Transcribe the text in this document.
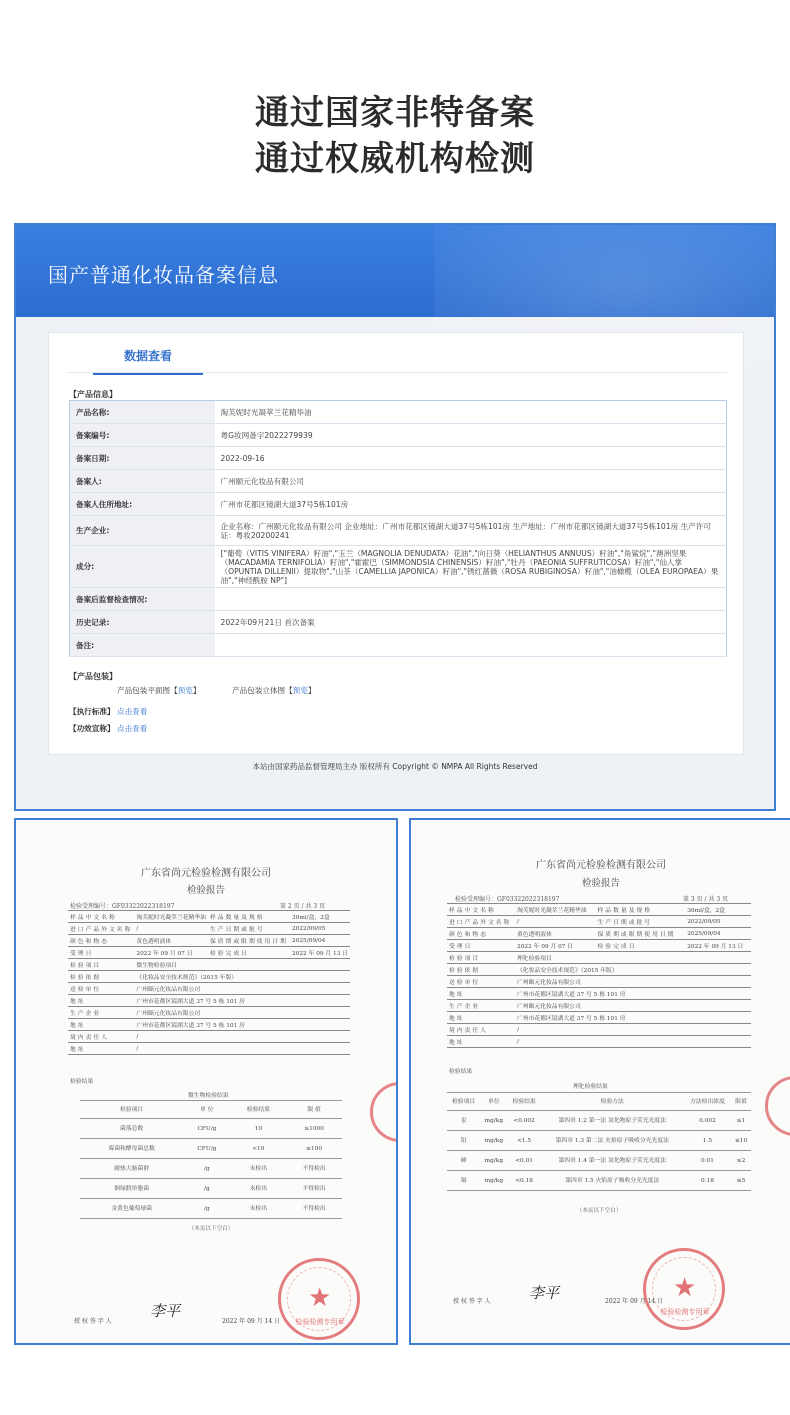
通过国家非特备案
通过权威机构检测
国产普通化妆品备案信息
数据查看
【产品信息】
产品名称:	淘芙妮时光凝萃兰花精华油
备案编号:	粤G妆网备字2022279939
备案日期:	2022-09-16
备案人:	广州颐元化妆品有限公司
备案人住所地址:	广州市花都区镜湖大道37号5栋101房
生产企业:	企业名称：广州颐元化妆品有限公司 企业地址：广州市花都区镜湖大道37号5栋101房 生产地址：广州市花都区镜湖大道37号5栋101房 生产许可证：粤妆20200241
成分:	["葡萄（VITIS VINIFERA）籽油","玉兰（MAGNOLIA DENUDATA）花油","向日葵（HELIANTHUS ANNUUS）籽油","角鲨烷","澳洲坚果（MACADAMIA TERNIFOLIA）籽油","霍霍巴（SIMMONDSIA CHINENSIS）籽油","牡丹（PAEONIA SUFFRUTICOSA）籽油","仙人掌（OPUNTIA DILLENII）提取物","山茶（CAMELLIA JAPONICA）籽油","锈红蔷薇（ROSA RUBIGINOSA）籽油","油橄榄（OLEA EUROPAEA）果油","神经酰胺 NP"]
备案后监督检查情况:	
历史记录:	2022年09月21日 首次备案
备注:	
【产品包装】
产品包装平面图【预览】	产品包装立体图【预览】
【执行标准】 点击查看
【功效宣称】 点击查看
本站由国家药品监督管理局主办 版权所有 Copyright © NMPA All Rights Reserved
广东省尚元检验检测有限公司
检验报告
检验受理编号：GF03322022318197	第 2 页 / 共 3 页
样品中文名称	淘芙妮时光凝萃兰花精华油	样品数量及规格	30ml/盒，2盒
进口产品外文名称	/	生产日期或批号	2022/09/05
颜色和物态	黄色透明液体	保质期或限期使用日期	2025/09/04
受理日	2022 年 09 月 07 日	检验完成日	2022 年 09 月 13 日
检验项目	微生物检验项目		
检验依据	《化妆品安全技术规范》（2015 年版）		
送检单位	广州颐元化妆品有限公司		
地址	广州市花都区镜湖大道 37 号 5 栋 101 房		
生产企业	广州颐元化妆品有限公司		
地址	广州市花都区镜湖大道 37 号 5 栋 101 房		
境内责任人	/		
地址	/		
检验结果
微生物检验结果
检验项目	单 位	检验结果	限 值
菌落总数	CFU/g	10	≤1000
霉菌和酵母菌总数	CFU/g	<10	≤100
耐热大肠菌群	/g	未检出	不得检出
铜绿假单胞菌	/g	未检出	不得检出
金黄色葡萄球菌	/g	未检出	不得检出
（本页以下空白）
授 权 签 字 人
李平
2022 年 09 月 14 日
★
检验检测专用章
广东省尚元检验检测有限公司
检验报告
检验受理编号：GF03322022318197	第 3 页 / 共 3 页
样品中文名称	淘芙妮时光凝萃兰花精华油	样品数量及规格	30ml/盒，2盒
进口产品外文名称	/	生产日期或批号	2022/09/05
颜色和物态	黄色透明液体	保质期或限期使用日期	2025/09/04
受理日	2022 年 09 月 07 日	检验完成日	2022 年 09 月 13 日
检验项目	理化检验项目		
检验依据	《化妆品安全技术规范》（2015 年版）		
送检单位	广州颐元化妆品有限公司		
地址	广州市花都区镜湖大道 37 号 5 栋 101 房		
生产企业	广州颐元化妆品有限公司		
地址	广州市花都区镜湖大道 37 号 5 栋 101 房		
境内责任人	/		
地址	/		
检验结果
理化检验结果
检验项目	单位	检验结果	检验方法	方法检出浓度	限值
汞	mg/kg	<0.002	第四章 1.2 第一法 氢化物原子荧光光度法	0.002	≤1
铅	mg/kg	<1.5	第四章 1.3 第二法 火焰原子吸收分光光度法	1.5	≤10
砷	mg/kg	<0.01	第四章 1.4 第一法 氢化物原子荧光光度法	0.01	≤2
镉	mg/kg	<0.18	第四章 1.5 火焰原子吸收分光光度法	0.18	≤5
（本页以下空白）
授 权 签 字 人	李平	2022 年 09 月 14 日 ★
检验检测专用章
